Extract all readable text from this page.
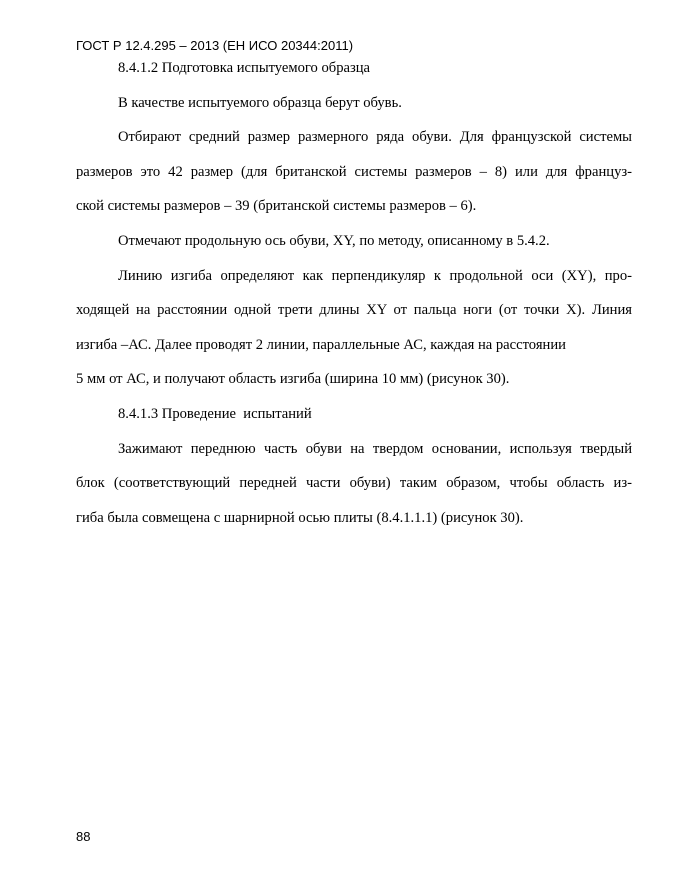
ГОСТ Р 12.4.295 – 2013 (ЕН ИСО 20344:2011)
8.4.1.2 Подготовка испытуемого образца
В качестве испытуемого образца берут обувь.
Отбирают средний размер размерного ряда обуви. Для французской системы
размеров это 42 размер (для британской системы размеров – 8) или для француз-
ской системы размеров – 39 (британской системы размеров – 6).
Отмечают продольную ось обуви, XY, по методу, описанному в 5.4.2.
Линию изгиба определяют как перпендикуляр к продольной оси (XY), про-
ходящей на расстоянии одной трети длины XY от пальца ноги (от точки X). Линия
изгиба –АС. Далее проводят 2 линии, параллельные АС, каждая на расстоянии
5 мм от АС, и получают область изгиба (ширина 10 мм) (рисунок 30).
8.4.1.3 Проведение  испытаний
Зажимают переднюю часть обуви на твердом основании, используя твердый
блок (соответствующий передней части обуви) таким образом, чтобы область из-
гиба была совмещена с шарнирной осью плиты (8.4.1.1.1) (рисунок 30).
88
